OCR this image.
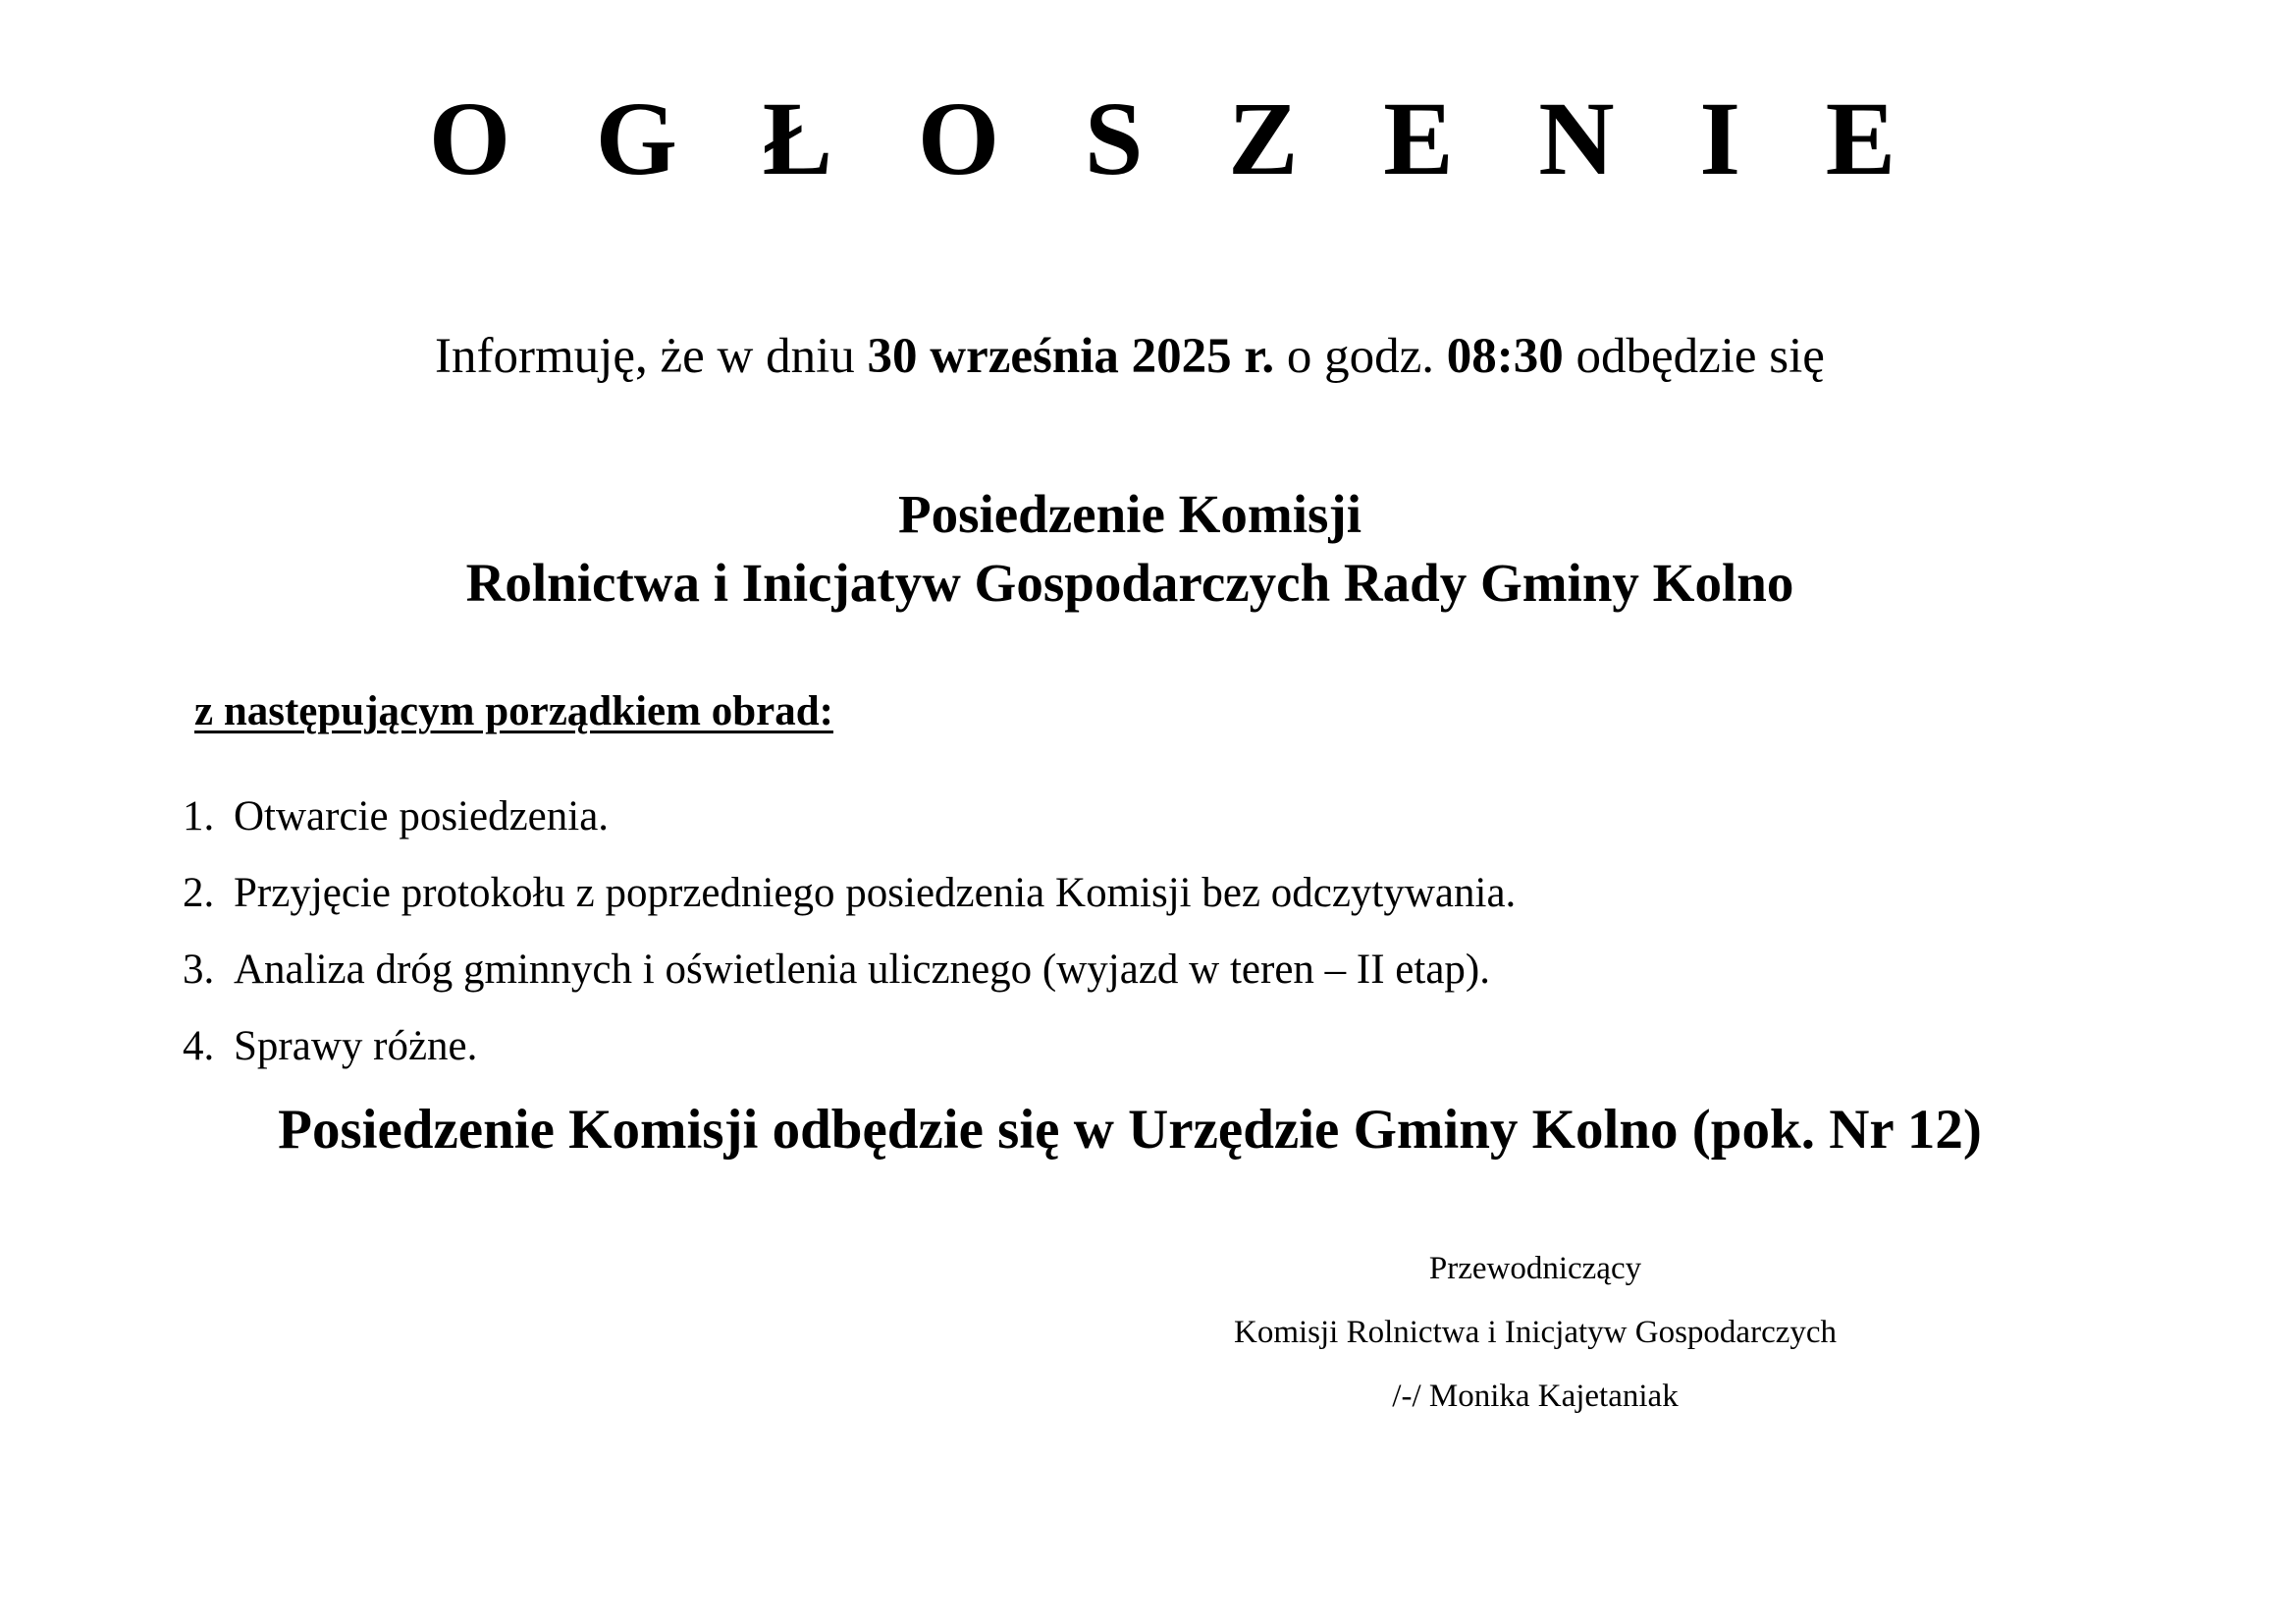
O G Ł O S Z E N I E
Informuję, że w dniu 30 września 2025 r. o godz. 08:30 odbędzie się
Posiedzenie Komisji
Rolnictwa i Inicjatyw Gospodarczych Rady Gminy Kolno
z następującym porządkiem obrad:
1. Otwarcie posiedzenia.
2. Przyjęcie protokołu z poprzedniego posiedzenia Komisji bez odczytywania.
3. Analiza dróg gminnych i oświetlenia ulicznego (wyjazd w teren – II etap).
4. Sprawy różne.
Posiedzenie Komisji odbędzie się w Urzędzie Gminy Kolno (pok. Nr 12)
Przewodniczący
Komisji Rolnictwa i Inicjatyw Gospodarczych
/-/ Monika Kajetaniak
